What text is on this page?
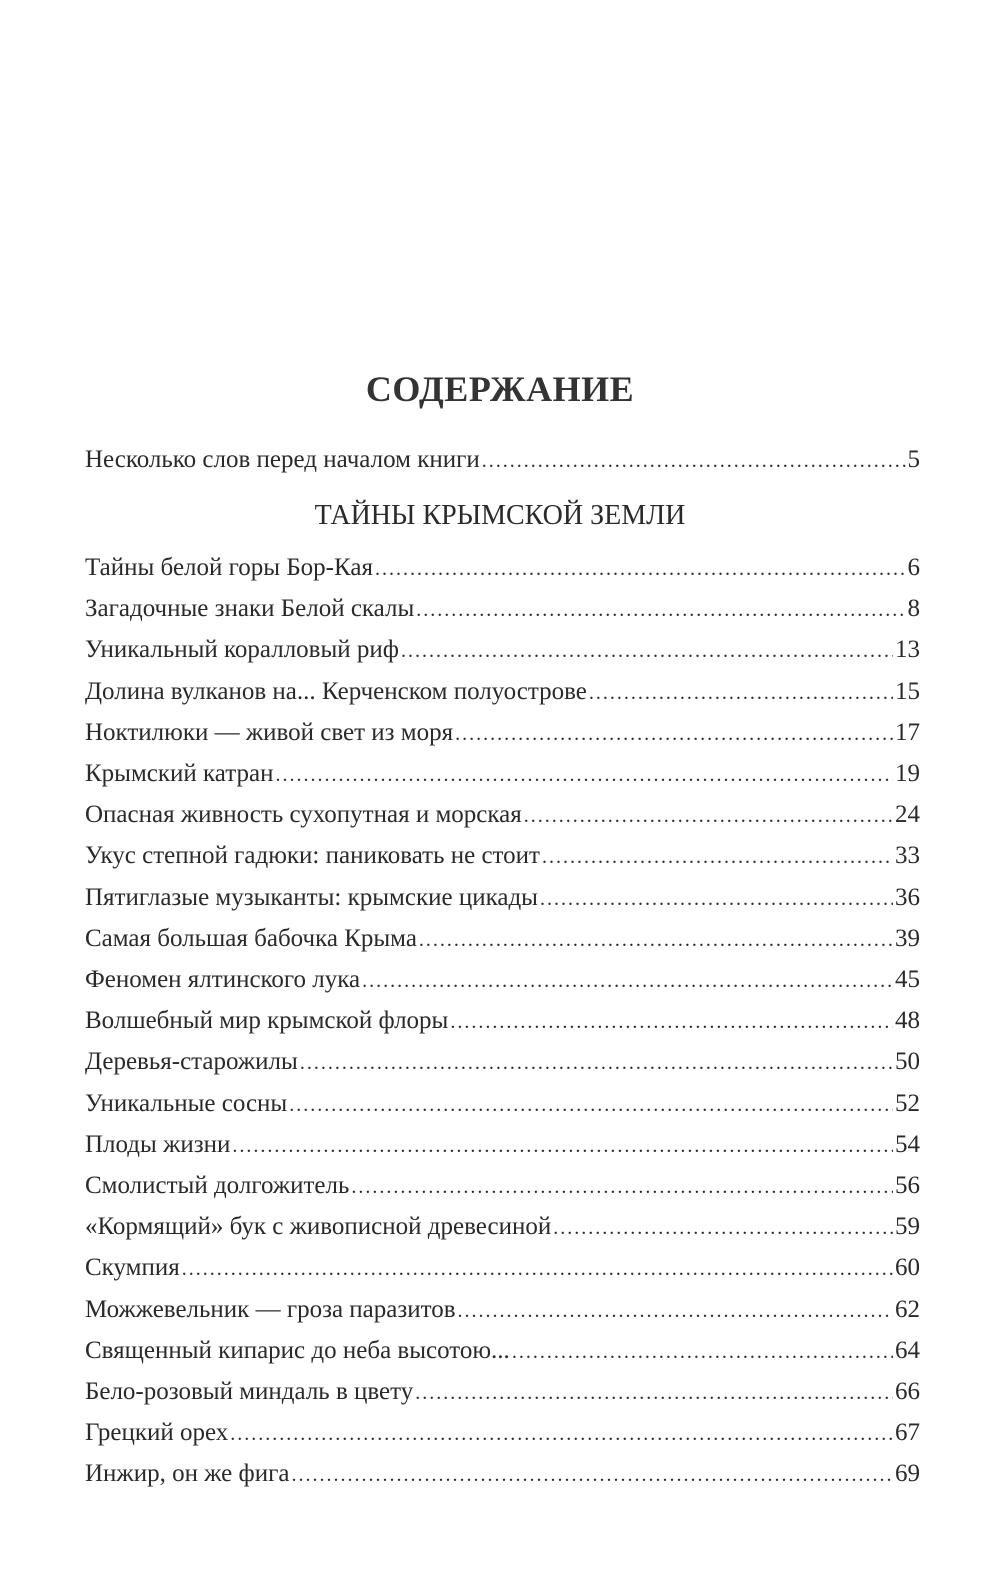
СОДЕРЖАНИЕ
Несколько слов перед началом книги .....	5
ТАЙНЫ КРЫМСКОЙ ЗЕМЛИ
Тайны белой горы Бор-Кая .....	6
Загадочные знаки Белой скалы .....	8
Уникальный коралловый риф .....	13
Долина вулканов на... Керченском полуострове .....	15
Ноктилюки — живой свет из моря .....	17
Крымский катран .....	19
Опасная живность сухопутная и морская .....	24
Укус степной гадюки: паниковать не стоит .....	33
Пятиглазые музыканты: крымские цикады .....	36
Самая большая бабочка Крыма .....	39
Феномен ялтинского лука .....	45
Волшебный мир крымской флоры .....	48
Деревья-старожилы .....	50
Уникальные сосны .....	52
Плоды жизни .....	54
Смолистый долгожитель .....	56
«Кормящий» бук с живописной древесиной .....	59
Скумпия .....	60
Можжевельник — гроза паразитов .....	62
Священный кипарис до неба высотою... .....	64
Бело-розовый миндаль в цвету .....	66
Грецкий орех .....	67
Инжир, он же фига .....	69
